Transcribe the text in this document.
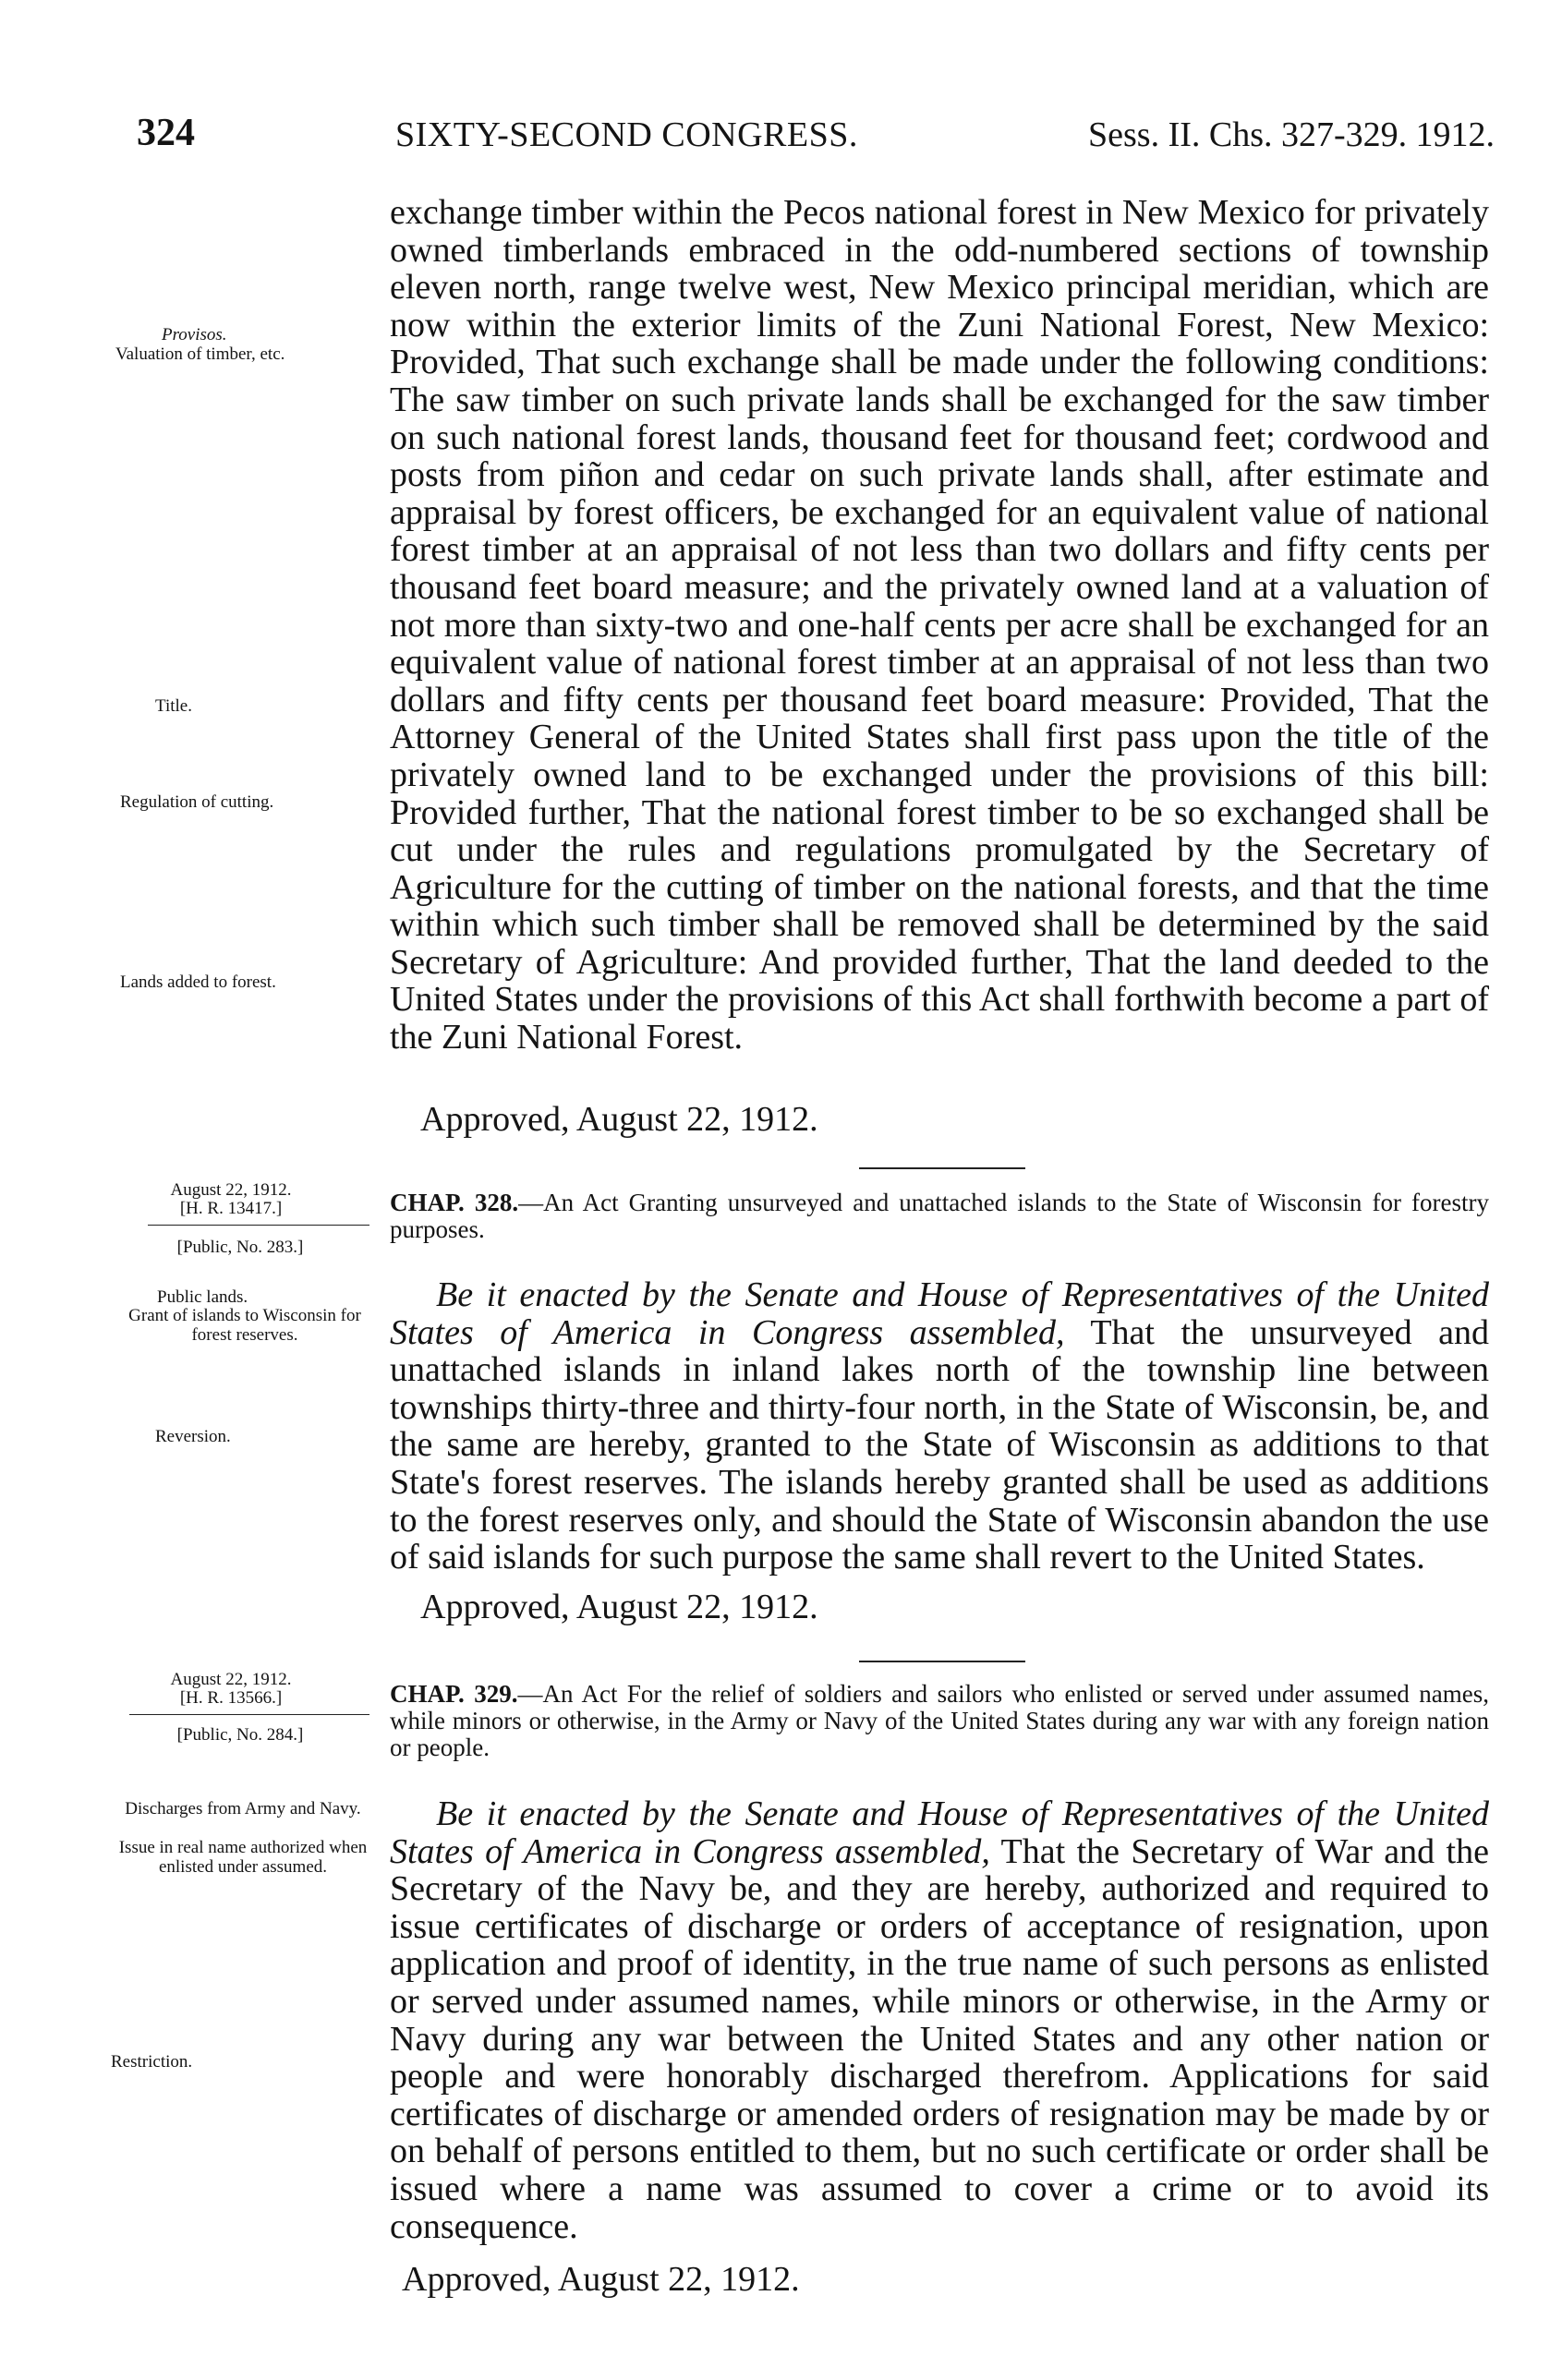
324	SIXTY-SECOND CONGRESS.	Sess. II. Chs. 327-329. 1912.

exchange timber within the Pecos national forest in New Mexico for privately owned timberlands embraced in the odd-numbered sections of township eleven north, range twelve west, New Mexico principal meridian, which are now within the exterior limits of the Zuni National Forest, New Mexico: Provided, That such exchange shall be made under the following conditions: The saw timber on such private lands shall be exchanged for the saw timber on such national forest lands, thousand feet for thousand feet; cordwood and posts from piñon and cedar on such private lands shall, after estimate and appraisal by forest officers, be exchanged for an equivalent value of national forest timber at an appraisal of not less than two dollars and fifty cents per thousand feet board measure; and the privately owned land at a valuation of not more than sixty-two and one-half cents per acre shall be exchanged for an equivalent value of national forest timber at an appraisal of not less than two dollars and fifty cents per thousand feet board measure: Provided, That the Attorney General of the United States shall first pass upon the title of the privately owned land to be exchanged under the provisions of this bill: Provided further, That the national forest timber to be so exchanged shall be cut under the rules and regulations promulgated by the Secretary of Agriculture for the cutting of timber on the national forests, and that the time within which such timber shall be removed shall be determined by the said Secretary of Agriculture: And provided further, That the land deeded to the United States under the provisions of this Act shall forthwith become a part of the Zuni National Forest.

Provisos.
Valuation of timber, etc.
Title.
Regulation of cutting.
Lands added to forest.
Approved, August 22, 1912.
August 22, 1912.
[H. R. 13417.]
[Public, No. 283.]
CHAP. 328.—An Act Granting unsurveyed and unattached islands to the State of Wisconsin for forestry purposes.
Public lands.
Grant of islands to Wisconsin for forest reserves.
Reversion.

Be it enacted by the Senate and House of Representatives of the United States of America in Congress assembled, That the unsurveyed and unattached islands in inland lakes north of the township line between townships thirty-three and thirty-four north, in the State of Wisconsin, be, and the same are hereby, granted to the State of Wisconsin as additions to that State's forest reserves. The islands hereby granted shall be used as additions to the forest reserves only, and should the State of Wisconsin abandon the use of said islands for such purpose the same shall revert to the United States.

Approved, August 22, 1912.
August 22, 1912.
[H. R. 13566.]
[Public, No. 284.]
CHAP. 329.—An Act For the relief of soldiers and sailors who enlisted or served under assumed names, while minors or otherwise, in the Army or Navy of the United States during any war with any foreign nation or people.
Discharges from Army and Navy.
Issue in real name authorized when enlisted under assumed.
Restriction.

Be it enacted by the Senate and House of Representatives of the United States of America in Congress assembled, That the Secretary of War and the Secretary of the Navy be, and they are hereby, authorized and required to issue certificates of discharge or orders of acceptance of resignation, upon application and proof of identity, in the true name of such persons as enlisted or served under assumed names, while minors or otherwise, in the Army or Navy during any war between the United States and any other nation or people and were honorably discharged therefrom. Applications for said certificates of discharge or amended orders of resignation may be made by or on behalf of persons entitled to them, but no such certificate or order shall be issued where a name was assumed to cover a crime or to avoid its consequence.

Approved, August 22, 1912.
